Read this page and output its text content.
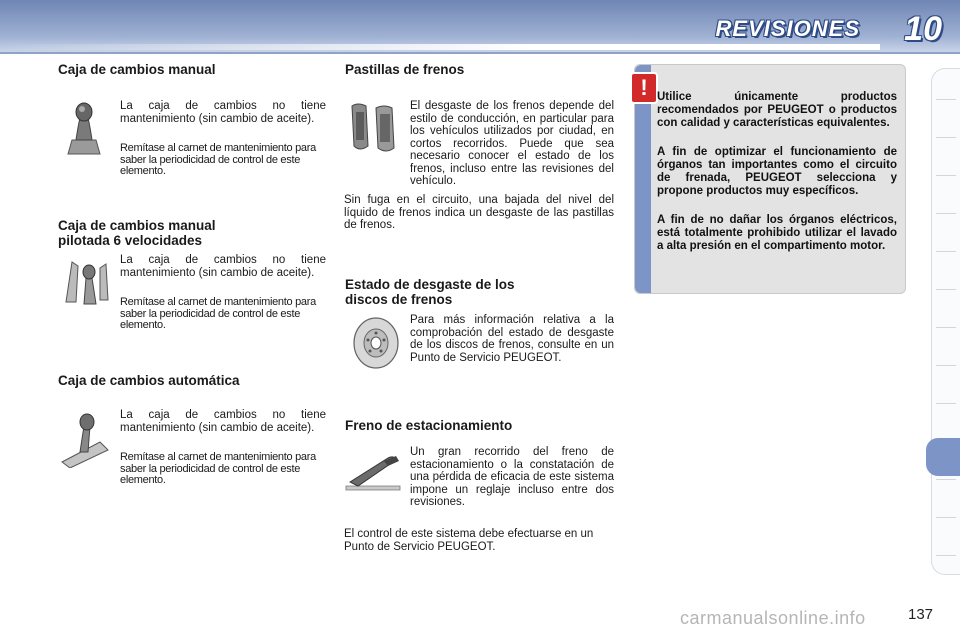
REVISIONES 10
Caja de cambios manual

La caja de cambios no tiene mantenimiento (sin cambio de aceite).

Remítase al carnet de mantenimiento para saber la periodicidad de control de este elemento.

Caja de cambios manual
pilotada 6 velocidades

La caja de cambios no tiene mantenimiento (sin cambio de aceite).

Remítase al carnet de mantenimiento para saber la periodicidad de control de este elemento.

Caja de cambios automática

La caja de cambios no tiene mantenimiento (sin cambio de aceite).

Remítase al carnet de mantenimiento para saber la periodicidad de control de este elemento.

Pastillas de frenos

El desgaste de los frenos depende del estilo de conducción, en particular para los vehículos utilizados por ciudad, en cortos recorridos. Puede que sea necesario conocer el estado de los frenos, incluso entre las revisiones del vehículo.

Sin fuga en el circuito, una bajada del nivel del líquido de frenos indica un desgaste de las pastillas de frenos.

Estado de desgaste de los
discos de frenos

Para más información relativa a la comprobación del estado de desgaste de los discos de frenos, consulte en un Punto de Servicio PEUGEOT.

Freno de estacionamiento

Un gran recorrido del freno de estacionamiento o la constatación de una pérdida de eficacia de este sistema impone un reglaje incluso entre dos revisiones.

El control de este sistema debe efectuarse en un Punto de Servicio PEUGEOT.

! Utilice únicamente productos recomendados por PEUGEOT o productos con calidad y características equivalentes.

A fin de optimizar el funcionamiento de órganos tan importantes como el circuito de frenada, PEUGEOT selecciona y propone productos muy específicos.

A fin de no dañar los órganos eléctricos, está totalmente prohibido utilizar el lavado a alta presión en el compartimento motor.

carmanualsonline.info	137
